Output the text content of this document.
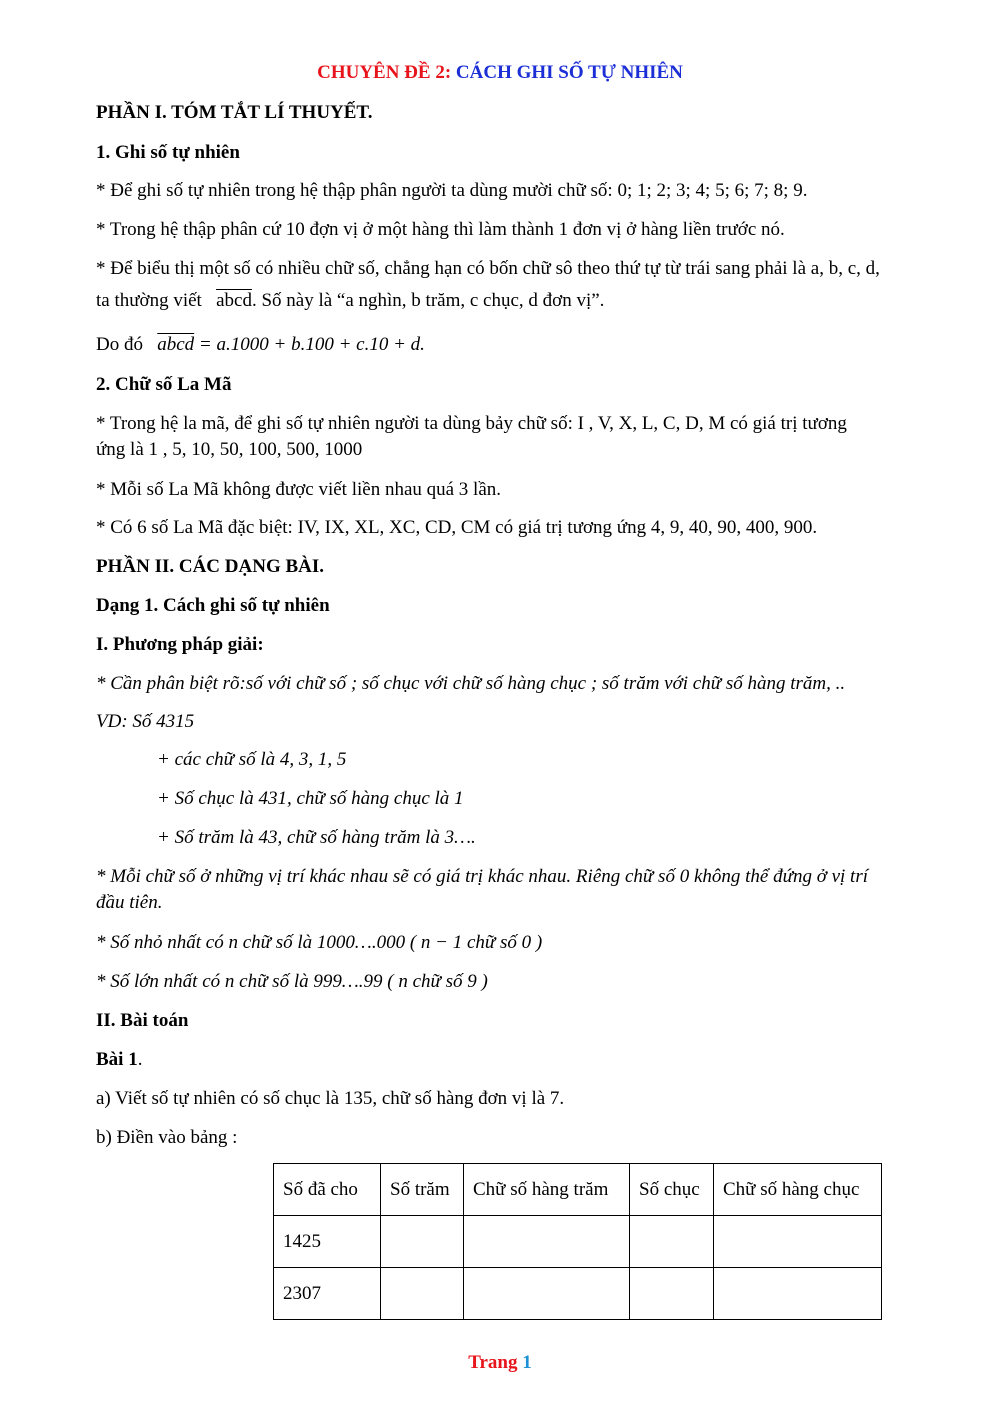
CHUYÊN ĐỀ 2: CÁCH GHI SỐ TỰ NHIÊN
PHẦN I. TÓM TẮT LÍ THUYẾT.
1. Ghi số tự nhiên
* Để ghi số tự nhiên trong hệ thập phân người ta dùng mười chữ số: 0; 1; 2; 3; 4; 5; 6; 7; 8; 9.
* Trong hệ thập phân cứ 10 đợn vị ở một hàng thì làm thành 1 đơn vị ở hàng liền trước nó.
* Để biểu thị một số có nhiều chữ số, chẳng hạn có bốn chữ sô theo thứ tự từ trái sang phải là a, b, c, d,
ta thường viết abcd. Số này là “a nghìn, b trăm, c chục, d đơn vị”.
Do đó abcd = a.1000 + b.100 + c.10 + d.
2. Chữ số La Mã
* Trong hệ la mã, để ghi số tự nhiên người ta dùng bảy chữ số: I , V, X, L, C, D, M có giá trị tương
ứng là 1 , 5, 10, 50, 100, 500, 1000
* Mỗi số La Mã không được viết liền nhau quá 3 lần.
* Có 6 số La Mã đặc biệt: IV, IX, XL, XC, CD, CM có giá trị tương ứng 4, 9, 40, 90, 400, 900.
PHẦN II. CÁC DẠNG BÀI.
Dạng 1. Cách ghi số tự nhiên
I. Phương pháp giải:
* Cần phân biệt rõ:số với chữ số ; số chục với chữ số hàng chục ; số trăm với chữ số hàng trăm, ..
VD: Số 4315
+ các chữ số là 4, 3, 1, 5
+ Số chục là 431, chữ số hàng chục là 1
+ Số trăm là 43, chữ số hàng trăm là 3….
* Mỗi chữ số ở những vị trí khác nhau sẽ có giá trị khác nhau. Riêng chữ số 0 không thể đứng ở vị trí
đầu tiên.
* Số nhỏ nhất có n chữ số là 1000….000 ( n − 1 chữ số 0 )
* Số lớn nhất có n chữ số là 999….99 ( n chữ số 9 )
II. Bài toán
Bài 1.
a) Viết số tự nhiên có số chục là 135, chữ số hàng đơn vị là 7.
b) Điền vào bảng :
Số đã cho	Số trăm	Chữ số hàng trăm	Số chục	Chữ số hàng chục
1425				
2307				
Trang 1
